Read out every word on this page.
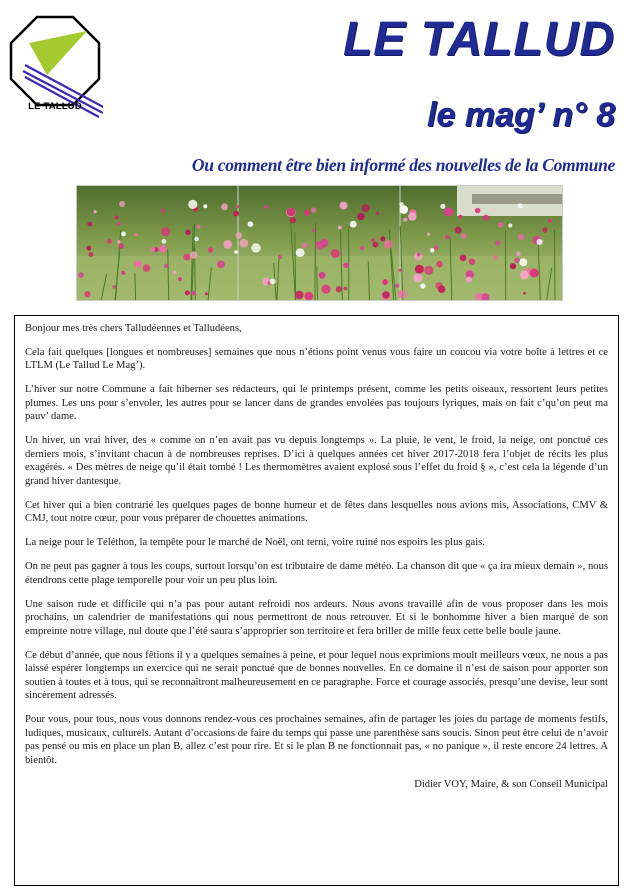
LE TALLUD
LE TALLUD
le mag’ n° 8
Ou comment être bien informé des nouvelles de la Commune

Bonjour mes très chers Talludéennes et Talludéens,

Cela fait quelques [longues et nombreuses] semaines que nous n’étions point venus vous faire un coucou via votre boîte à lettres et ce LTLM (Le Tallud Le Mag’).

L’hiver sur notre Commune a fait hiberner ses rédacteurs, qui le printemps présent, comme les petits oiseaux, ressortent leurs petites plumes. Les uns pour s’envoler, les autres pour se lancer dans de grandes envolées pas toujours lyriques, mais on fait c’qu’on peut ma pauv’ dame.

Un hiver, un vrai hiver, des « comme on n’en avait pas vu depuis longtemps ». La pluie, le vent, le froid, la neige, ont ponctué ces derniers mois, s’invitant chacun à de nombreuses reprises. D’ici à quelques années cet hiver 2017-2018 fera l’objet de récits les plus exagérés. « Des mètres de neige qu’il était tombé ! Les thermomètres avaient explosé sous l’effet du froid § », c’est cela la légende d’un grand hiver dantesque.

Cet hiver qui a bien contrarié les quelques pages de bonne humeur et de fêtes dans lesquelles nous avions mis, Associations, CMV & CMJ, tout notre cœur, pour vous préparer de chouettes animations.

La neige pour le Téléthon, la tempête pour le marché de Noël, ont terni, voire ruiné nos espoirs les plus gais.

On ne peut pas gagner à tous les coups, surtout lorsqu’on est tributaire de dame météo. La chanson dit que « ça ira mieux demain », nous étendrons cette plage temporelle pour voir un peu plus loin.

Une saison rude et difficile qui n’a pas pour autant refroidi nos ardeurs. Nous avons travaillé afin de vous proposer dans les mois prochains, un calendrier de manifestations qui nous permettront de nous retrouver. Et si le bonhomme hiver a bien marqué de son empreinte notre village, nul doute que l’été saura s’approprier son territoire et fera briller de mille feux cette belle boule jaune.

Ce début d’année, que nous fêtions il y a quelques semaines à peine, et pour lequel nous exprimions moult meilleurs vœux, ne nous a pas laissé espérer longtemps un exercice qui ne serait ponctué que de bonnes nouvelles. En ce domaine il n’est de saison pour apporter son soutien à toutes et à tous, qui se reconnaîtront malheureusement en ce paragraphe. Force et courage associés, presqu’une devise, leur sont sincèrement adressés.

Pour vous, pour tous, nous vous donnons rendez-vous ces prochaines semaines, afin de partager les joies du partage de moments festifs, ludiques, musicaux, culturels. Autant d’occasions de faire du temps qui passe une parenthèse sans soucis. Sinon peut être celui de n’avoir pas pensé ou mis en place un plan B, allez c’est pour rire. Et si le plan B ne fonctionnait pas, « no panique », il reste encore 24 lettres. A bientôt.

Didier VOY, Maire, & son Conseil Municipal
